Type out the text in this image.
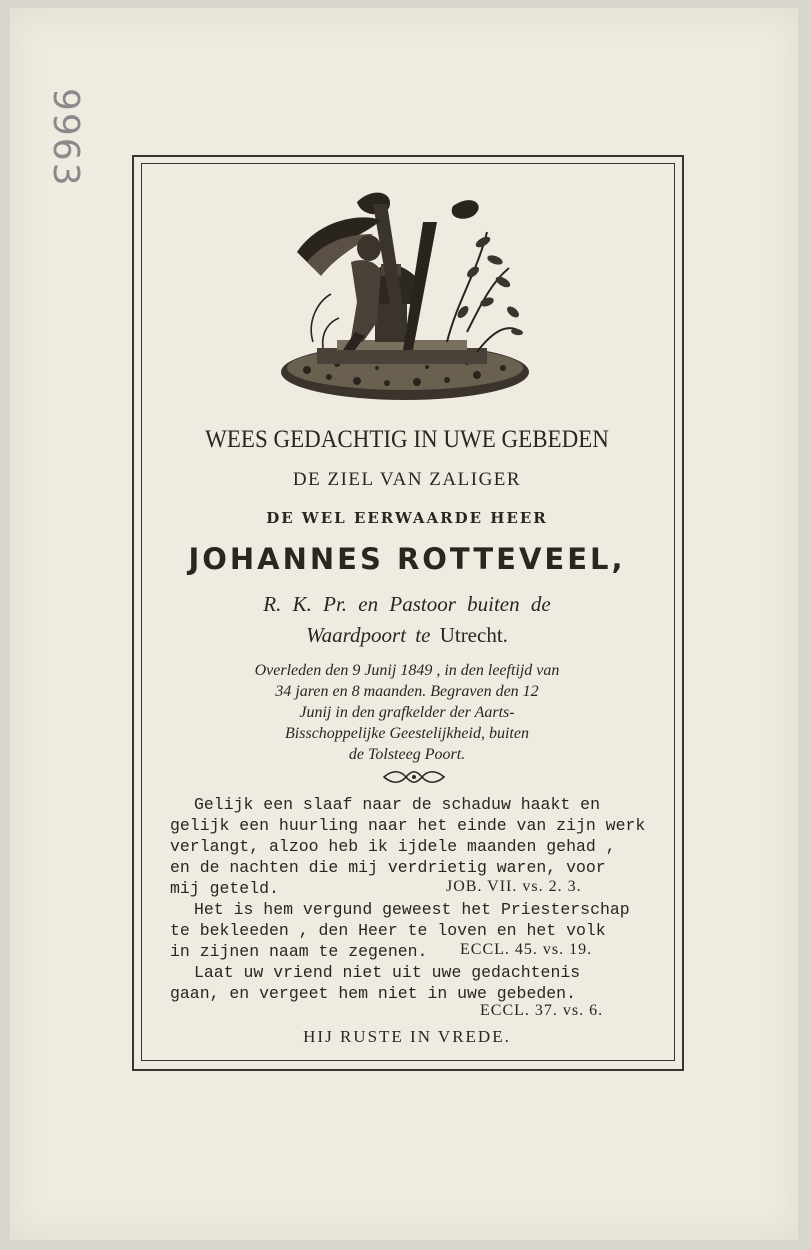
9963
WEES GEDACHTIG IN UWE GEBEDEN
DE ZIEL VAN ZALIGER
DE WEL EERWAARDE HEER
JOHANNES ROTTEVEEL,
R. K. Pr. en Pastoor buiten de
Waardpoort te Utrecht.
Overleden den 9 Junij 1849 , in den leeftijd van
34 jaren en 8 maanden. Begraven den 12
Junij in den grafkelder der Aarts-
Bisschoppelijke Geestelijkheid, buiten
de Tolsteeg Poort.
Gelijk een slaaf naar de schaduw haakt en
gelijk een huurling naar het einde van zijn werk
verlangt, alzoo heb ik ijdele maanden gehad ,
en de nachten die mij verdrietig waren, voor
mij geteld.	JOB. VII. vs. 2. 3.
Het is hem vergund geweest het Priesterschap
te bekleeden , den Heer te loven en het volk
in zijnen naam te zegenen.	ECCL. 45. vs. 19.
Laat uw vriend niet uit uwe gedachtenis
gaan, en vergeet hem niet in uwe gebeden.
ECCL. 37. vs. 6.
HIJ RUSTE IN VREDE.
